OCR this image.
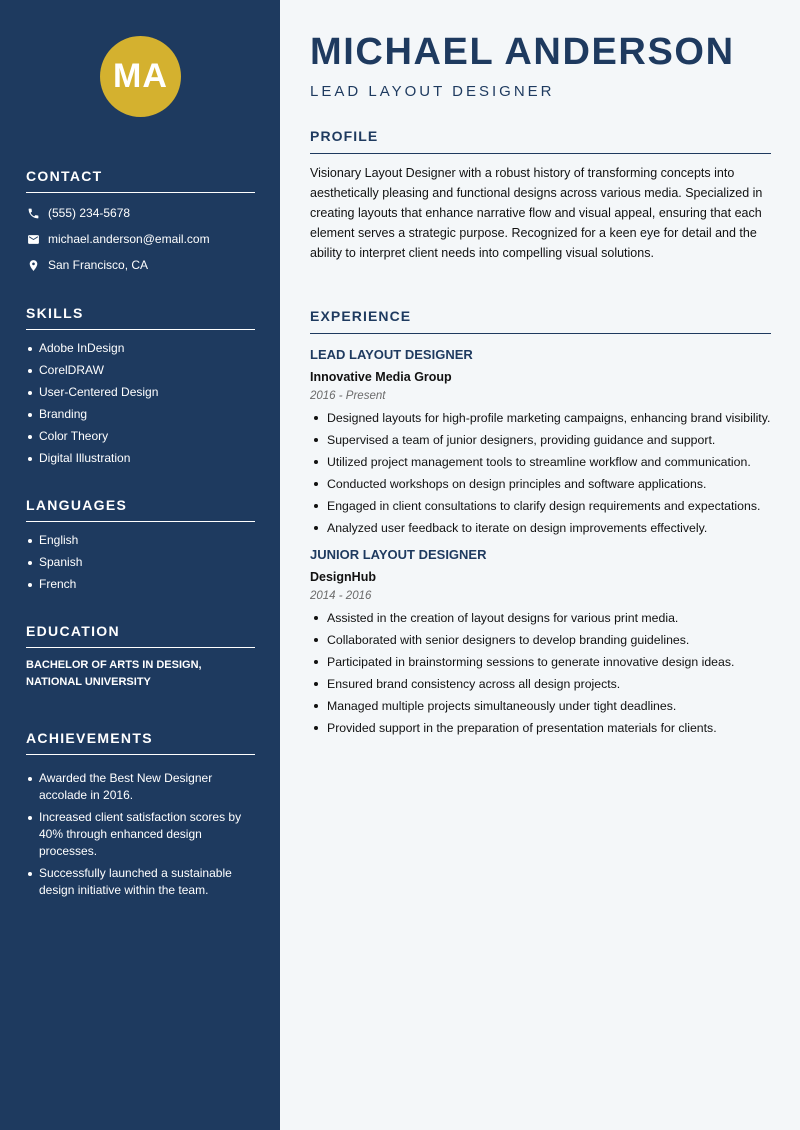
MA
CONTACT
(555) 234-5678
michael.anderson@email.com
San Francisco, CA
SKILLS
Adobe InDesign
CorelDRAW
User-Centered Design
Branding
Color Theory
Digital Illustration
LANGUAGES
English
Spanish
French
EDUCATION
BACHELOR OF ARTS IN DESIGN,
NATIONAL UNIVERSITY
ACHIEVEMENTS
Awarded the Best New Designer accolade in 2016.
Increased client satisfaction scores by 40% through enhanced design processes.
Successfully launched a sustainable design initiative within the team.
MICHAEL ANDERSON
LEAD LAYOUT DESIGNER
PROFILE
Visionary Layout Designer with a robust history of transforming concepts into aesthetically pleasing and functional designs across various media. Specialized in creating layouts that enhance narrative flow and visual appeal, ensuring that each element serves a strategic purpose. Recognized for a keen eye for detail and the ability to interpret client needs into compelling visual solutions.
EXPERIENCE
LEAD LAYOUT DESIGNER
Innovative Media Group
2016 - Present
Designed layouts for high-profile marketing campaigns, enhancing brand visibility.
Supervised a team of junior designers, providing guidance and support.
Utilized project management tools to streamline workflow and communication.
Conducted workshops on design principles and software applications.
Engaged in client consultations to clarify design requirements and expectations.
Analyzed user feedback to iterate on design improvements effectively.
JUNIOR LAYOUT DESIGNER
DesignHub
2014 - 2016
Assisted in the creation of layout designs for various print media.
Collaborated with senior designers to develop branding guidelines.
Participated in brainstorming sessions to generate innovative design ideas.
Ensured brand consistency across all design projects.
Managed multiple projects simultaneously under tight deadlines.
Provided support in the preparation of presentation materials for clients.
